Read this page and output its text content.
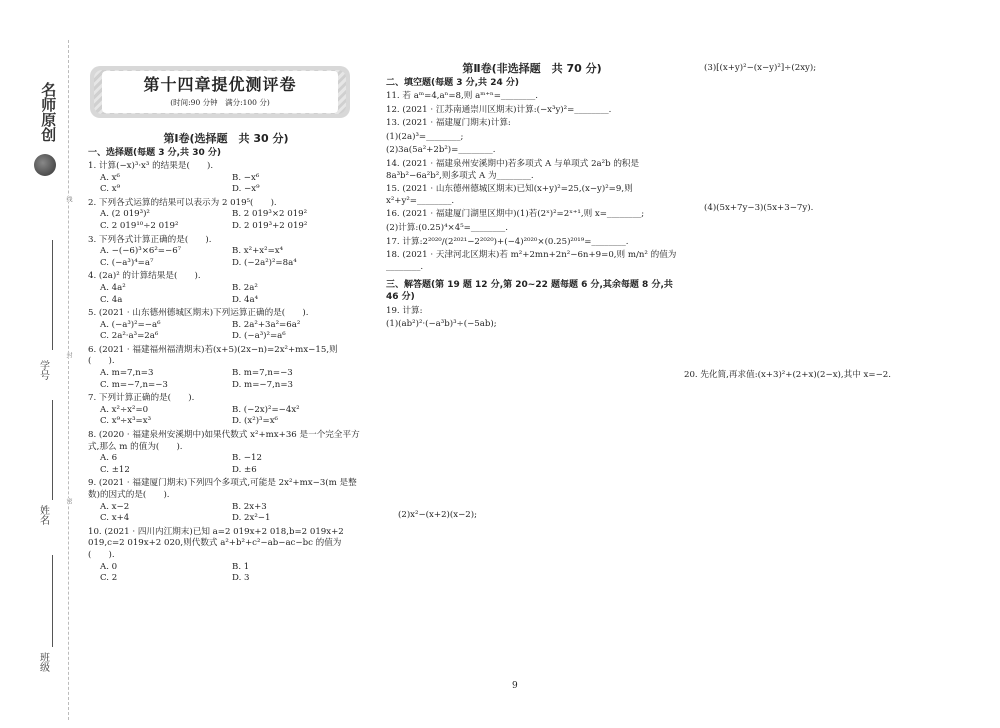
名师原创
线
封
密
学号
姓名
班级
第十四章提优测评卷
(时间:90 分钟　满分:100 分)
第Ⅰ卷(选择题　共 30 分)
一、选择题(每题 3 分,共 30 分)
1. 计算(−x)³·x³ 的结果是(　　).
A. x⁶	B. −x⁶
C. x⁹	D. −x⁹
2. 下列各式运算的结果可以表示为 2 019⁵(　　).
A. (2 019³)²	B. 2 019³×2 019²
C. 2 019¹⁰÷2 019²	D. 2 019³+2 019²
3. 下列各式计算正确的是(　　).
A. −(−6)³×6²=−6⁷	B. x²+x²=x⁴
C. (−a³)⁴=a⁷	D. (−2a²)²=8a⁴
4. (2a)² 的计算结果是(　　).
A. 4a²	B. 2a²
C. 4a	D. 4a⁴
5. (2021 · 山东德州德城区期末)下列运算正确的是(　　).
A. (−a³)²=−a⁶	B. 2a²+3a²=6a²
C. 2a²·a³=2a⁶	D. (−a³)²=a⁶
6. (2021 · 福建福州福清期末)若(x+5)(2x−n)=2x²+mx−15,则(　　).
A. m=7,n=3	B. m=7,n=−3
C. m=−7,n=−3	D. m=−7,n=3
7. 下列计算正确的是(　　).
A. x²÷x²=0	B. (−2x)²=−4x²
C. x⁹÷x³=x³	D. (x²)³=x⁶
8. (2020 · 福建泉州安溪期中)如果代数式 x²+mx+36 是一个完全平方式,那么 m 的值为(　　).
A. 6	B. −12
C. ±12	D. ±6
9. (2021 · 福建厦门期末)下列四个多项式,可能是 2x²+mx−3(m 是整数)的因式的是(　　).
A. x−2	B. 2x+3
C. x+4	D. 2x²−1
10. (2021 · 四川内江期末)已知 a=2 019x+2 018,b=2 019x+2 019,c=2 019x+2 020,则代数式 a²+b²+c²−ab−ac−bc 的值为(　　).
A. 0	B. 1
C. 2	D. 3
第Ⅱ卷(非选择题　共 70 分)
二、填空题(每题 3 分,共 24 分)
11. 若 aᵐ=4,aⁿ=8,则 aᵐ⁺ⁿ=________.
12. (2021 · 江苏南通崇川区期末)计算:(−x³y)²=________.
13. (2021 · 福建厦门期末)计算:
(1)(2a)³=________;
(2)3a(5a²+2b²)=________.
14. (2021 · 福建泉州安溪期中)若多项式 A 与单项式 2a²b 的积是 8a³b²−6a²b²,则多项式 A 为________.
15. (2021 · 山东德州德城区期末)已知(x+y)²=25,(x−y)²=9,则 x²+y²=________.
16. (2021 · 福建厦门湖里区期中)(1)若(2ˣ)²=2ˣ⁺¹,则 x=________;
(2)计算:(0.25)⁴×4⁵=________.
17. 计算:2²⁰²⁰/(2²⁰²¹−2²⁰²⁰)+(−4)²⁰²⁰×(0.25)²⁰¹⁹=________.
18. (2021 · 天津河北区期末)若 m²+2mn+2n²−6n+9=0,则 m/n² 的值为________.
三、解答题(第 19 题 12 分,第 20~22 题每题 6 分,其余每题 8 分,共 46 分)
19. 计算:
(1)(ab²)²·(−a³b)³÷(−5ab);
(2)x²−(x+2)(x−2);
(3)[(x+y)²−(x−y)²]÷(2xy);
(4)(5x+7y−3)(5x+3−7y).
20. 先化简,再求值:(x+3)²+(2+x)(2−x),其中 x=−2.
9
